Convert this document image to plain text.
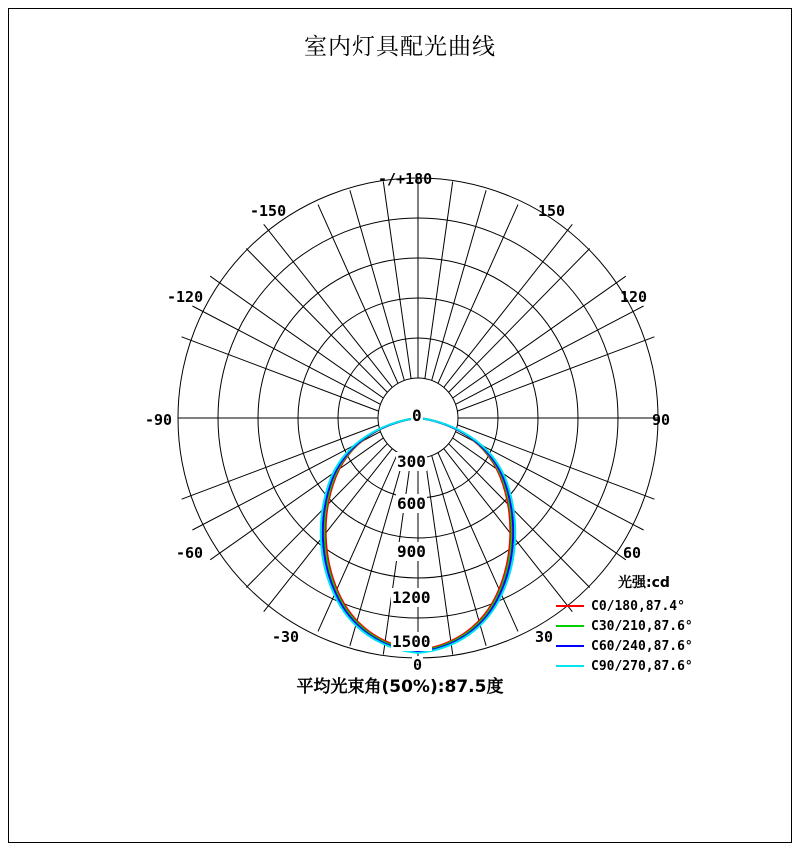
室内灯具配光曲线
-/+180
-150	150
-120	120
-90	90
-60	60
-30	30
0
300
600
900
1200
1500
0
平均光束角(50%):87.5度
光强:cd
C0/180,87.4°
C30/210,87.6°
C60/240,87.6°
C90/270,87.6°
